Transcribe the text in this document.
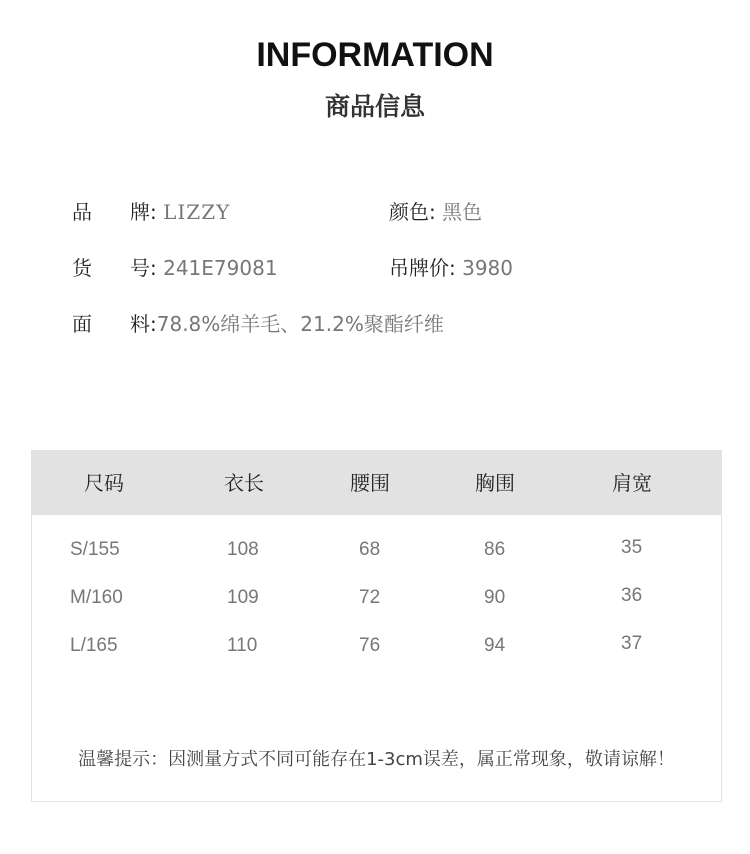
INFORMATION
商品信息
品牌: LIZZY	颜色: 黑色
货号: 241E79081	吊牌价: 3980
面料:78.8%绵羊毛、21.2%聚酯纤维
尺码	衣长	腰围	胸围	肩宽
S/155	108	68	86	35
M/160	109	72	90	36
L/165	110	76	94	37
温馨提示：因测量方式不同可能存在1-3cm误差，属正常现象，敬请谅解！
